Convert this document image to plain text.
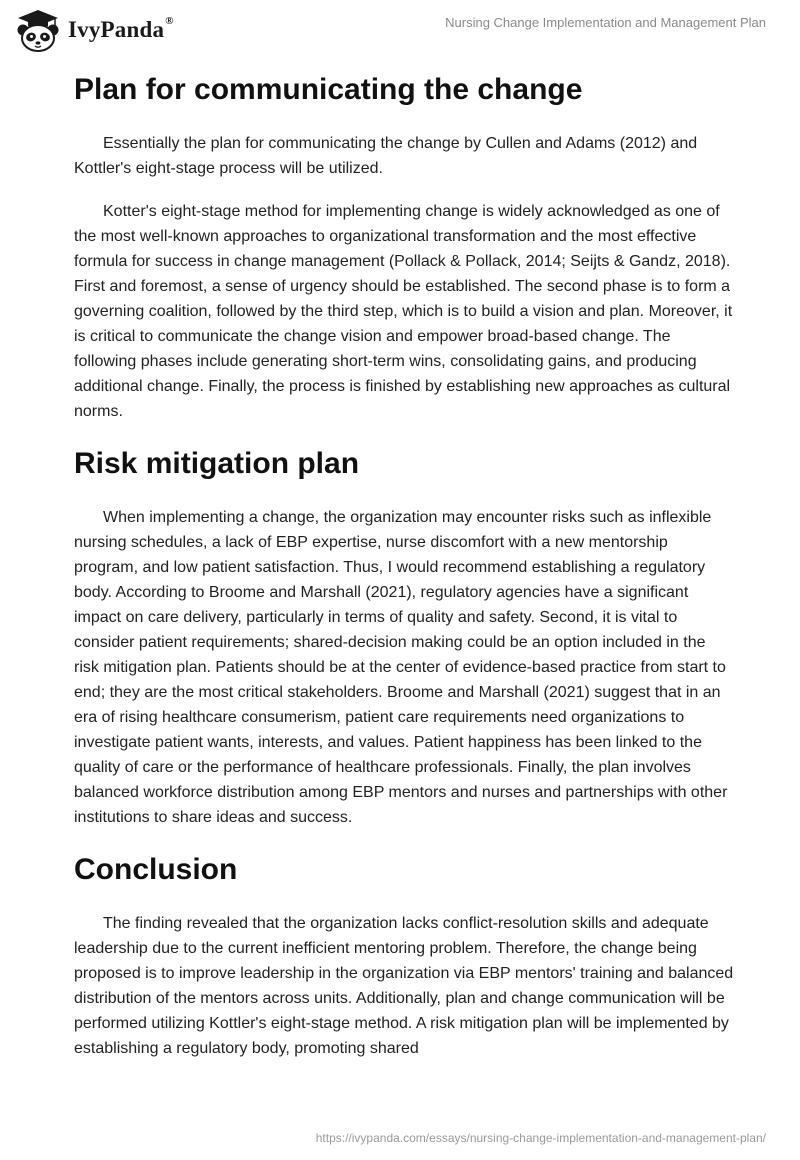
IvyPanda®	Nursing Change Implementation and Management Plan
Plan for communicating the change

Essentially the plan for communicating the change by Cullen and Adams (2012) and Kottler's eight-stage process will be utilized.

Kotter's eight-stage method for implementing change is widely acknowledged as one of the most well-known approaches to organizational transformation and the most effective formula for success in change management (Pollack & Pollack, 2014; Seijts & Gandz, 2018). First and foremost, a sense of urgency should be established. The second phase is to form a governing coalition, followed by the third step, which is to build a vision and plan. Moreover, it is critical to communicate the change vision and empower broad-based change. The following phases include generating short-term wins, consolidating gains, and producing additional change. Finally, the process is finished by establishing new approaches as cultural norms.

Risk mitigation plan

When implementing a change, the organization may encounter risks such as inflexible nursing schedules, a lack of EBP expertise, nurse discomfort with a new mentorship program, and low patient satisfaction. Thus, I would recommend establishing a regulatory body. According to Broome and Marshall (2021), regulatory agencies have a significant impact on care delivery, particularly in terms of quality and safety. Second, it is vital to consider patient requirements; shared-decision making could be an option included in the risk mitigation plan. Patients should be at the center of evidence-based practice from start to end; they are the most critical stakeholders. Broome and Marshall (2021) suggest that in an era of rising healthcare consumerism, patient care requirements need organizations to investigate patient wants, interests, and values. Patient happiness has been linked to the quality of care or the performance of healthcare professionals. Finally, the plan involves balanced workforce distribution among EBP mentors and nurses and partnerships with other institutions to share ideas and success.

Conclusion

The finding revealed that the organization lacks conflict-resolution skills and adequate leadership due to the current inefficient mentoring problem. Therefore, the change being proposed is to improve leadership in the organization via EBP mentors' training and balanced distribution of the mentors across units. Additionally, plan and change communication will be performed utilizing Kottler's eight-stage method. A risk mitigation plan will be implemented by establishing a regulatory body, promoting shared

https://ivypanda.com/essays/nursing-change-implementation-and-management-plan/
